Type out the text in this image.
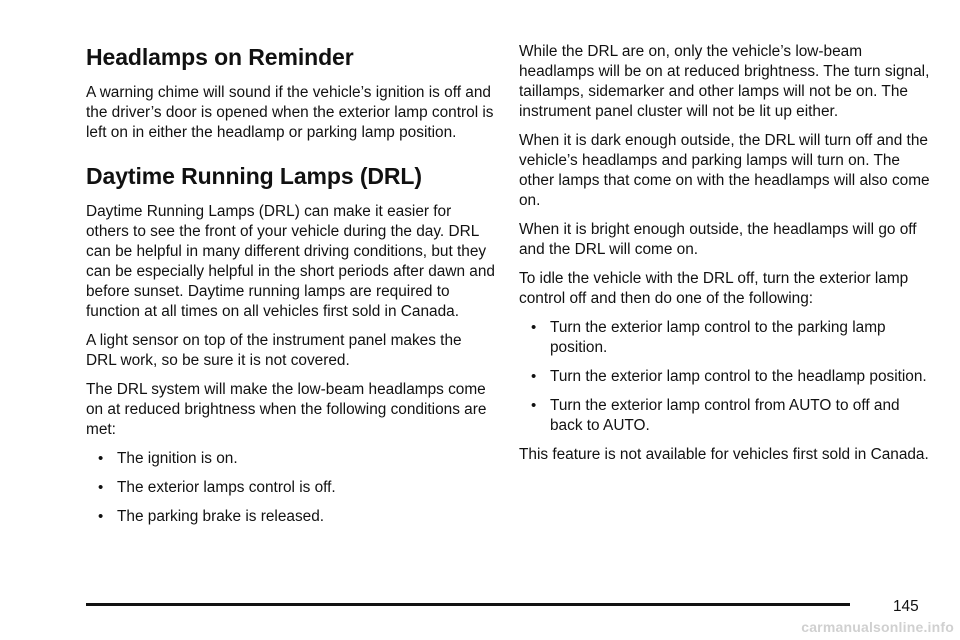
Headlamps on Reminder

A warning chime will sound if the vehicle’s ignition is off and the driver’s door is opened when the exterior lamp control is left on in either the headlamp or parking lamp position.

Daytime Running Lamps (DRL)

Daytime Running Lamps (DRL) can make it easier for others to see the front of your vehicle during the day. DRL can be helpful in many different driving conditions, but they can be especially helpful in the short periods after dawn and before sunset. Daytime running lamps are required to function at all times on all vehicles first sold in Canada.

A light sensor on top of the instrument panel makes the DRL work, so be sure it is not covered.

The DRL system will make the low-beam headlamps come on at reduced brightness when the following conditions are met:

• The ignition is on.
• The exterior lamps control is off.
• The parking brake is released.

While the DRL are on, only the vehicle’s low-beam headlamps will be on at reduced brightness. The turn signal, taillamps, sidemarker and other lamps will not be on. The instrument panel cluster will not be lit up either.

When it is dark enough outside, the DRL will turn off and the vehicle’s headlamps and parking lamps will turn on. The other lamps that come on with the headlamps will also come on.

When it is bright enough outside, the headlamps will go off and the DRL will come on.

To idle the vehicle with the DRL off, turn the exterior lamp control off and then do one of the following:

• Turn the exterior lamp control to the parking lamp position.
• Turn the exterior lamp control to the headlamp position.
• Turn the exterior lamp control from AUTO to off and back to AUTO.

This feature is not available for vehicles first sold in Canada.

145
carmanualsonline.info
